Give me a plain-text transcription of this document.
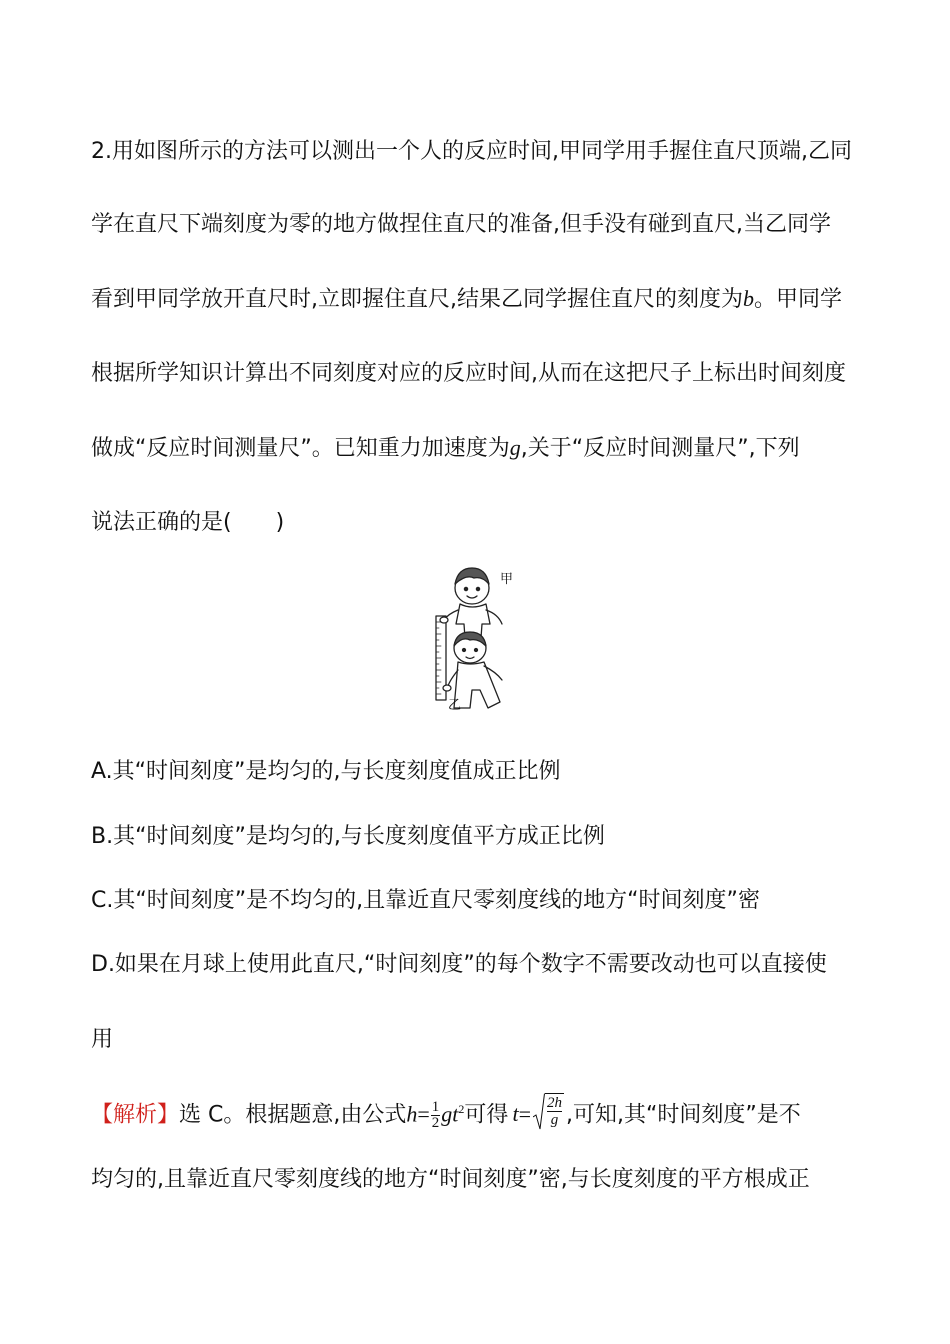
2.用如图所示的方法可以测出一个人的反应时间,甲同学用手握住直尺顶端,乙同
学在直尺下端刻度为零的地方做捏住直尺的准备,但手没有碰到直尺,当乙同学
看到甲同学放开直尺时,立即握住直尺,结果乙同学握住直尺的刻度为b。甲同学
根据所学知识计算出不同刻度对应的反应时间,从而在这把尺子上标出时间刻度
做成“反应时间测量尺”。已知重力加速度为g,关于“反应时间测量尺”,下列
说法正确的是(　　)
甲
乙
A.其“时间刻度”是均匀的,与长度刻度值成正比例
B.其“时间刻度”是均匀的,与长度刻度值平方成正比例
C.其“时间刻度”是不均匀的,且靠近直尺零刻度线的地方“时间刻度”密
D.如果在月球上使用此直尺,“时间刻度”的每个数字不需要改动也可以直接使
用
【解析】选 C。根据题意,由公式$h= \frac{1}{2} gt^2$可得 $t= \frac{2h}{g}$ ,可知,其“时间刻度”是不
均匀的,且靠近直尺零刻度线的地方“时间刻度”密,与长度刻度的平方根成正
